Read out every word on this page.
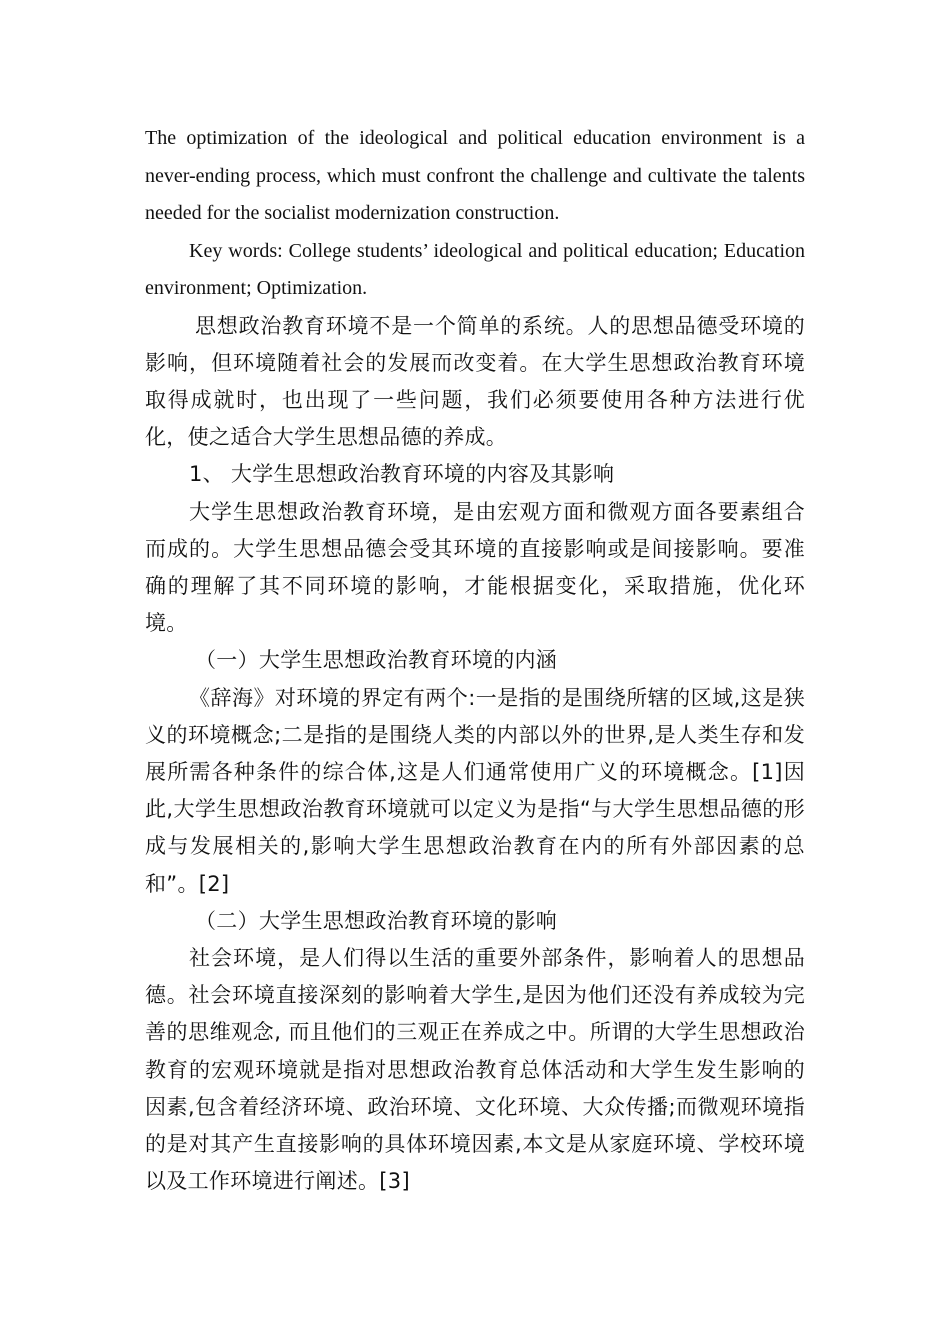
The optimization of the ideological and political education environment is a never-ending process, which must confront the challenge and cultivate the talents needed for the socialist modernization construction.

Key words: College students’ ideological and political education; Education environment; Optimization.

思想政治教育环境不是一个简单的系统。人的思想品德受环境的影响，但环境随着社会的发展而改变着。在大学生思想政治教育环境取得成就时，也出现了一些问题，我们必须要使用各种方法进行优化，使之适合大学生思想品德的养成。

1、 大学生思想政治教育环境的内容及其影响

大学生思想政治教育环境，是由宏观方面和微观方面各要素组合而成的。大学生思想品德会受其环境的直接影响或是间接影响。要准确的理解了其不同环境的影响，才能根据变化，采取措施，优化环境。

（一）大学生思想政治教育环境的内涵

《辞海》对环境的界定有两个:一是指的是围绕所辖的区域,这是狭义的环境概念;二是指的是围绕人类的内部以外的世界,是人类生存和发展所需各种条件的综合体,这是人们通常使用广义的环境概念。[1]因此,大学生思想政治教育环境就可以定义为是指“与大学生思想品德的形成与发展相关的,影响大学生思想政治教育在内的所有外部因素的总和”。[2]

（二）大学生思想政治教育环境的影响

社会环境，是人们得以生活的重要外部条件，影响着人的思想品德。社会环境直接深刻的影响着大学生,是因为他们还没有养成较为完善的思维观念, 而且他们的三观正在养成之中。所谓的大学生思想政治教育的宏观环境就是指对思想政治教育总体活动和大学生发生影响的因素,包含着经济环境、政治环境、文化环境、大众传播;而微观环境指的是对其产生直接影响的具体环境因素,本文是从家庭环境、学校环境以及工作环境进行阐述。[3]
